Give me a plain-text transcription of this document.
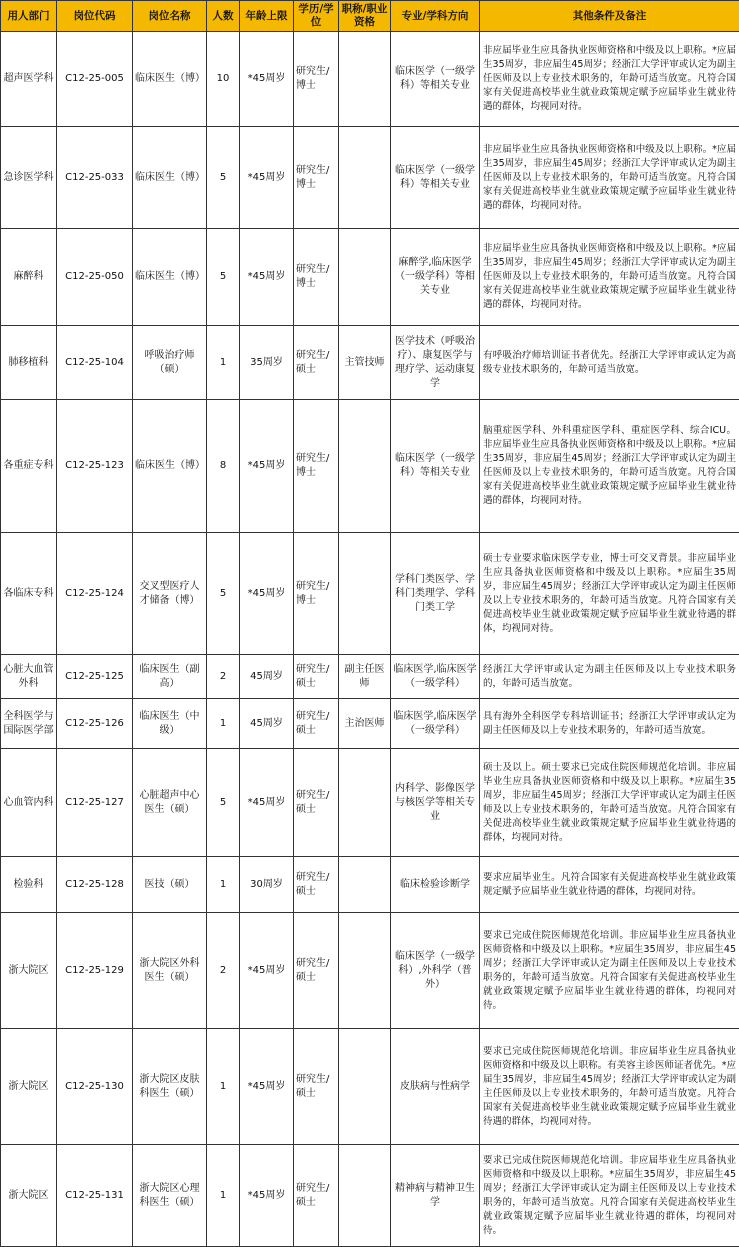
用人部门	岗位代码	岗位名称	人数	年龄上限	学历/学位	职称/职业资格	专业/学科方向	其他条件及备注
超声医学科	C12-25-005	临床医生（博）	10	*45周岁	研究生/博士		临床医学（一级学科）等相关专业	非应届毕业生应具备执业医师资格和中级及以上职称。*应届生35周岁，非应届生45周岁；经浙江大学评审或认定为副主任医师及以上专业技术职务的，年龄可适当放宽。凡符合国家有关促进高校毕业生就业政策规定赋予应届毕业生就业待遇的群体，均视同对待。
急诊医学科	C12-25-033	临床医生（博）	5	*45周岁	研究生/博士		临床医学（一级学科）等相关专业	非应届毕业生应具备执业医师资格和中级及以上职称。*应届生35周岁，非应届生45周岁；经浙江大学评审或认定为副主任医师及以上专业技术职务的，年龄可适当放宽。凡符合国家有关促进高校毕业生就业政策规定赋予应届毕业生就业待遇的群体，均视同对待。
麻醉科	C12-25-050	临床医生（博）	5	*45周岁	研究生/博士		麻醉学,临床医学（一级学科）等相关专业	非应届毕业生应具备执业医师资格和中级及以上职称。*应届生35周岁，非应届生45周岁；经浙江大学评审或认定为副主任医师及以上专业技术职务的，年龄可适当放宽。凡符合国家有关促进高校毕业生就业政策规定赋予应届毕业生就业待遇的群体，均视同对待。
肺移植科	C12-25-104	呼吸治疗师（硕）	1	35周岁	研究生/硕士	主管技师	医学技术（呼吸治疗）、康复医学与理疗学、运动康复学	有呼吸治疗师培训证书者优先。经浙江大学评审或认定为高级专业技术职务的，年龄可适当放宽。
各重症专科	C12-25-123	临床医生（博）	8	*45周岁	研究生/博士		临床医学（一级学科）等相关专业	脑重症医学科、外科重症医学科、重症医学科、综合ICU。非应届毕业生应具备执业医师资格和中级及以上职称。*应届生35周岁，非应届生45周岁；经浙江大学评审或认定为副主任医师及以上专业技术职务的，年龄可适当放宽。凡符合国家有关促进高校毕业生就业政策规定赋予应届毕业生就业待遇的群体，均视同对待。
各临床专科	C12-25-124	交叉型医疗人才储备（博）	5	*45周岁	研究生/博士		学科门类医学、学科门类理学、学科门类工学	硕士专业要求临床医学专业，博士可交叉背景。非应届毕业生应具备执业医师资格和中级及以上职称。*应届生35周岁，非应届生45周岁；经浙江大学评审或认定为副主任医师及以上专业技术职务的，年龄可适当放宽。凡符合国家有关促进高校毕业生就业政策规定赋予应届毕业生就业待遇的群体，均视同对待。
心脏大血管外科	C12-25-125	临床医生（副高）	2	45周岁	研究生/硕士	副主任医师	临床医学,临床医学（一级学科）	经浙江大学评审或认定为副主任医师及以上专业技术职务的，年龄可适当放宽。
全科医学与国际医学部	C12-25-126	临床医生（中级）	1	45周岁	研究生/硕士	主治医师	临床医学,临床医学（一级学科）	具有海外全科医学专科培训证书；经浙江大学评审或认定为副主任医师及以上专业技术职务的，年龄可适当放宽。
心血管内科	C12-25-127	心脏超声中心医生（硕）	5	*45周岁	研究生/硕士		内科学、影像医学与核医学等相关专业	硕士及以上。硕士要求已完成住院医师规范化培训。非应届毕业生应具备执业医师资格和中级及以上职称。*应届生35周岁，非应届生45周岁；经浙江大学评审或认定为副主任医师及以上专业技术职务的，年龄可适当放宽。凡符合国家有关促进高校毕业生就业政策规定赋予应届毕业生就业待遇的群体，均视同对待。
检验科	C12-25-128	医技（硕）	1	30周岁	研究生/硕士		临床检验诊断学	要求应届毕业生。凡符合国家有关促进高校毕业生就业政策规定赋予应届毕业生就业待遇的群体，均视同对待。
浙大院区	C12-25-129	浙大院区外科医生（硕）	2	*45周岁	研究生/硕士		临床医学（一级学科）,外科学（普外）	要求已完成住院医师规范化培训。非应届毕业生应具备执业医师资格和中级及以上职称。*应届生35周岁，非应届生45周岁；经浙江大学评审或认定为副主任医师及以上专业技术职务的，年龄可适当放宽。凡符合国家有关促进高校毕业生就业政策规定赋予应届毕业生就业待遇的群体，均视同对待。
浙大院区	C12-25-130	浙大院区皮肤科医生（硕）	1	*45周岁	研究生/硕士		皮肤病与性病学	要求已完成住院医师规范化培训。非应届毕业生应具备执业医师资格和中级及以上职称。有美容主诊医师证者优先。*应届生35周岁，非应届生45周岁；经浙江大学评审或认定为副主任医师及以上专业技术职务的，年龄可适当放宽。凡符合国家有关促进高校毕业生就业政策规定赋予应届毕业生就业待遇的群体，均视同对待。
浙大院区	C12-25-131	浙大院区心理科医生（硕）	1	*45周岁	研究生/硕士		精神病与精神卫生学	要求已完成住院医师规范化培训。非应届毕业生应具备执业医师资格和中级及以上职称。*应届生35周岁，非应届生45周岁；经浙江大学评审或认定为副主任医师及以上专业技术职务的，年龄可适当放宽。凡符合国家有关促进高校毕业生就业政策规定赋予应届毕业生就业待遇的群体，均视同对待。
